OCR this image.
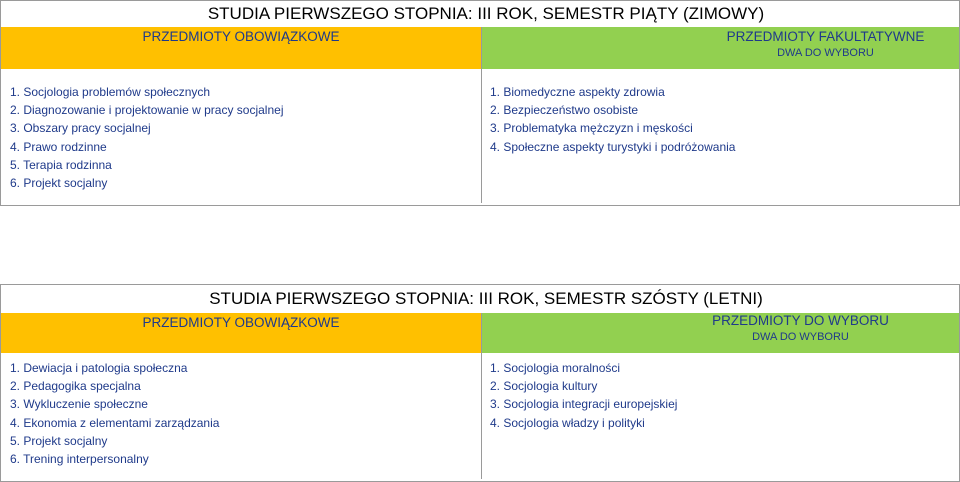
STUDIA PIERWSZEGO STOPNIA: III ROK, SEMESTR PIĄTY (ZIMOWY)
PRZEDMIOTY OBOWIĄZKOWE	PRZEDMIOTY FAKULTATYWNE
DWA DO WYBORU
1. Socjologia problemów społecznych
2. Diagnozowanie i projektowanie w pracy socjalnej
3. Obszary pracy socjalnej
4. Prawo rodzinne
5. Terapia rodzinna
6. Projekt socjalny
1. Biomedyczne aspekty zdrowia
2. Bezpieczeństwo osobiste
3. Problematyka mężczyzn i męskości
4. Społeczne aspekty turystyki i podróżowania
STUDIA PIERWSZEGO STOPNIA: III ROK, SEMESTR SZÓSTY (LETNI)
PRZEDMIOTY OBOWIĄZKOWE	PRZEDMIOTY DO WYBORU
DWA DO WYBORU
1. Dewiacja i patologia społeczna
2. Pedagogika specjalna
3. Wykluczenie społeczne
4. Ekonomia z elementami zarządzania
5. Projekt socjalny
6. Trening interpersonalny
1. Socjologia moralności
2. Socjologia kultury
3. Socjologia integracji europejskiej
4. Socjologia władzy i polityki
